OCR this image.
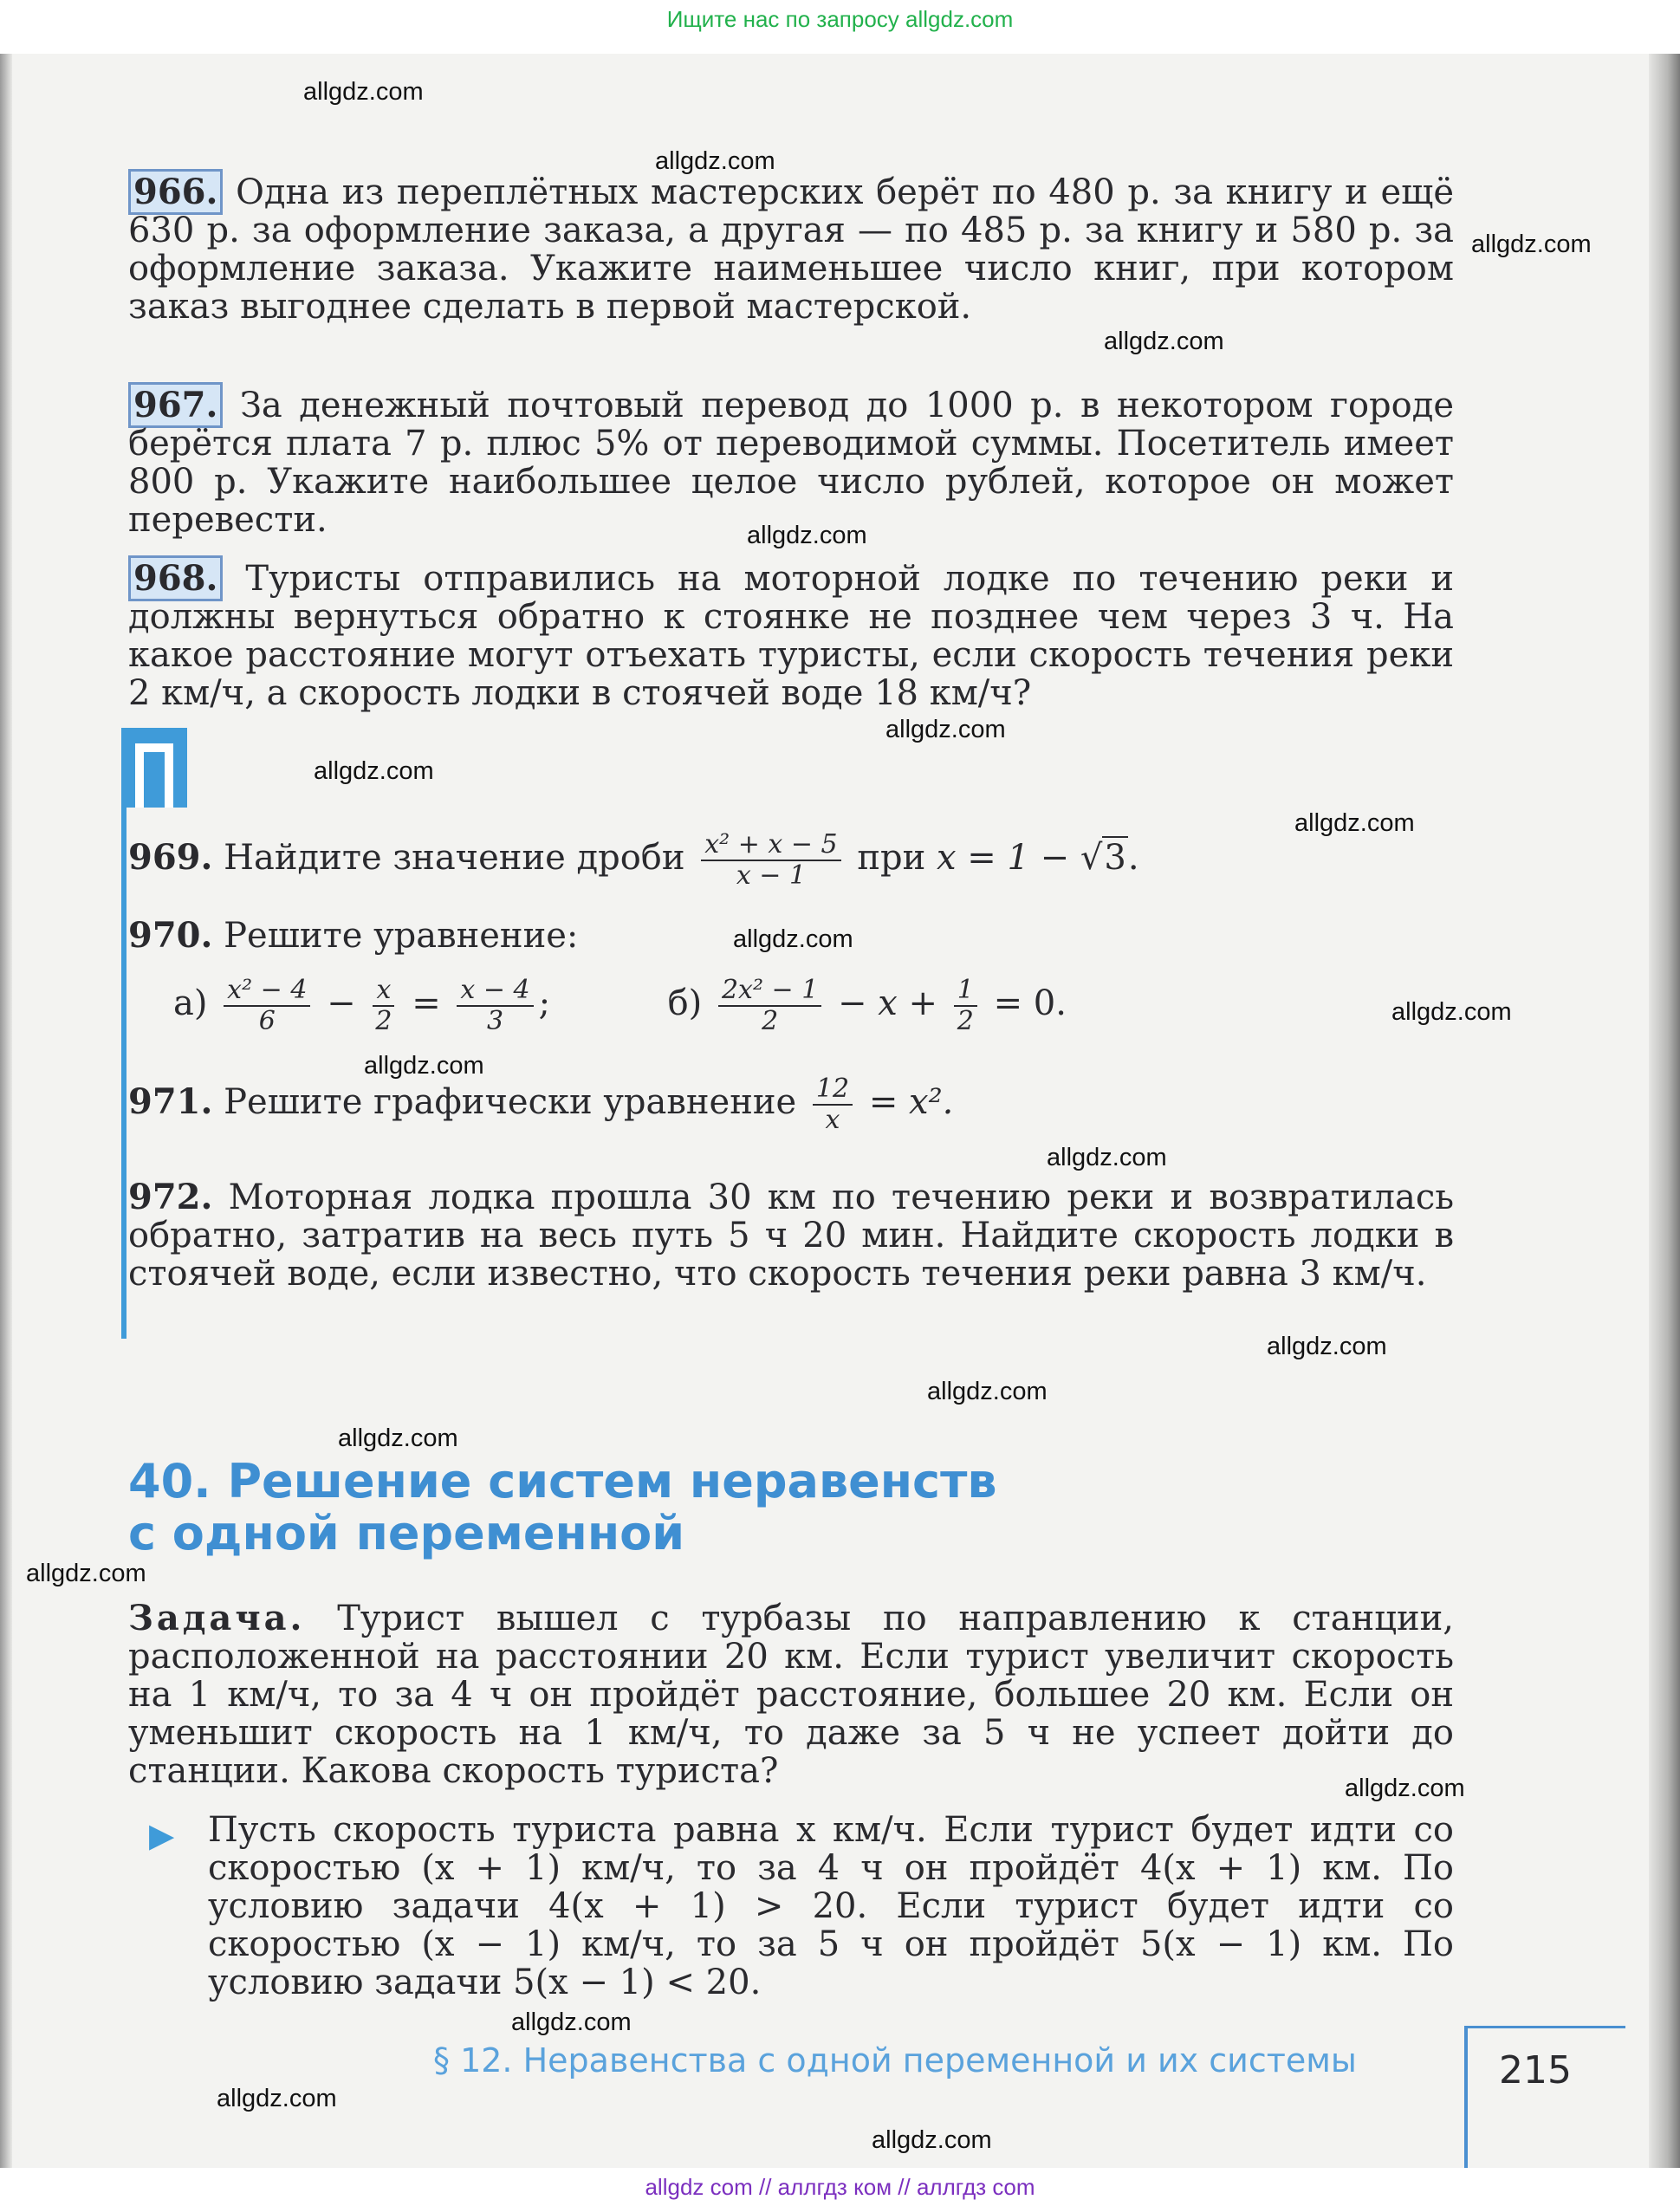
Ищите нас по запросу allgdz.com
966. Одна из переплётных мастерских берёт по 480 р. за книгу и ещё 630 р. за оформление заказа, а другая — по 485 р. за книгу и 580 р. за оформление заказа. Укажите наименьшее число книг, при котором заказ выгоднее сделать в первой мастерской.
967. За денежный почтовый перевод до 1000 р. в некотором городе берётся плата 7 р. плюс 5% от переводимой суммы. Посетитель имеет 800 р. Укажите наибольшее целое число рублей, которое он может перевести.
968. Туристы отправились на моторной лодке по течению реки и должны вернуться обратно к стоянке не позднее чем через 3 ч. На какое расстояние могут отъехать туристы, если скорость течения реки 2 км/ч, а скорость лодки в стоячей воде 18 км/ч?
969. Найдите значение дроби $\frac{\text{x² + x − 5}}{x - 1}$ при x = 1 − √3.
970. Решите уравнение:
$а) \frac{\text{x² − 4}}{6} - \frac{x}{2} = \frac{x - 4}{3}$ ;	$б) \frac{\text{2x² − 1}}{2} - x + \frac{1}{2} = 0$.
971. Решите графически уравнение $\frac{12}{x} = x^2$.
972. Моторная лодка прошла 30 км по течению реки и возвратилась обратно, затратив на весь путь 5 ч 20 мин. Найдите скорость лодки в стоячей воде, если известно, что скорость течения реки равна 3 км/ч.
40. Решение систем неравенств
с одной переменной
Задача. Турист вышел с турбазы по направлению к станции, расположенной на расстоянии 20 км. Если турист увеличит скорость на 1 км/ч, то за 4 ч он пройдёт расстояние, большее 20 км. Если он уменьшит скорость на 1 км/ч, то даже за 5 ч не успеет дойти до станции. Какова скорость туриста?
▶ Пусть скорость туриста равна x км/ч. Если турист будет идти со скоростью (x + 1) км/ч, то за 4 ч он пройдёт 4(x + 1) км. По условию задачи 4(x + 1) > 20. Если турист будет идти со скоростью (x − 1) км/ч, то за 5 ч он пройдёт 5(x − 1) км. По условию задачи 5(x − 1) < 20.
§ 12. Неравенства с одной переменной и их системы	215
allgdz.com
allgdz.com
allgdz.com
allgdz.com
allgdz.com
allgdz.com
allgdz.com
allgdz.com
allgdz.com
allgdz.com
allgdz.com
allgdz.com
allgdz.com
allgdz.com
allgdz.com
allgdz.com
allgdz.com
allgdz.com
allgdz.com
allgdz.com
allgdz com // аллгдз ком // аллгдз com
